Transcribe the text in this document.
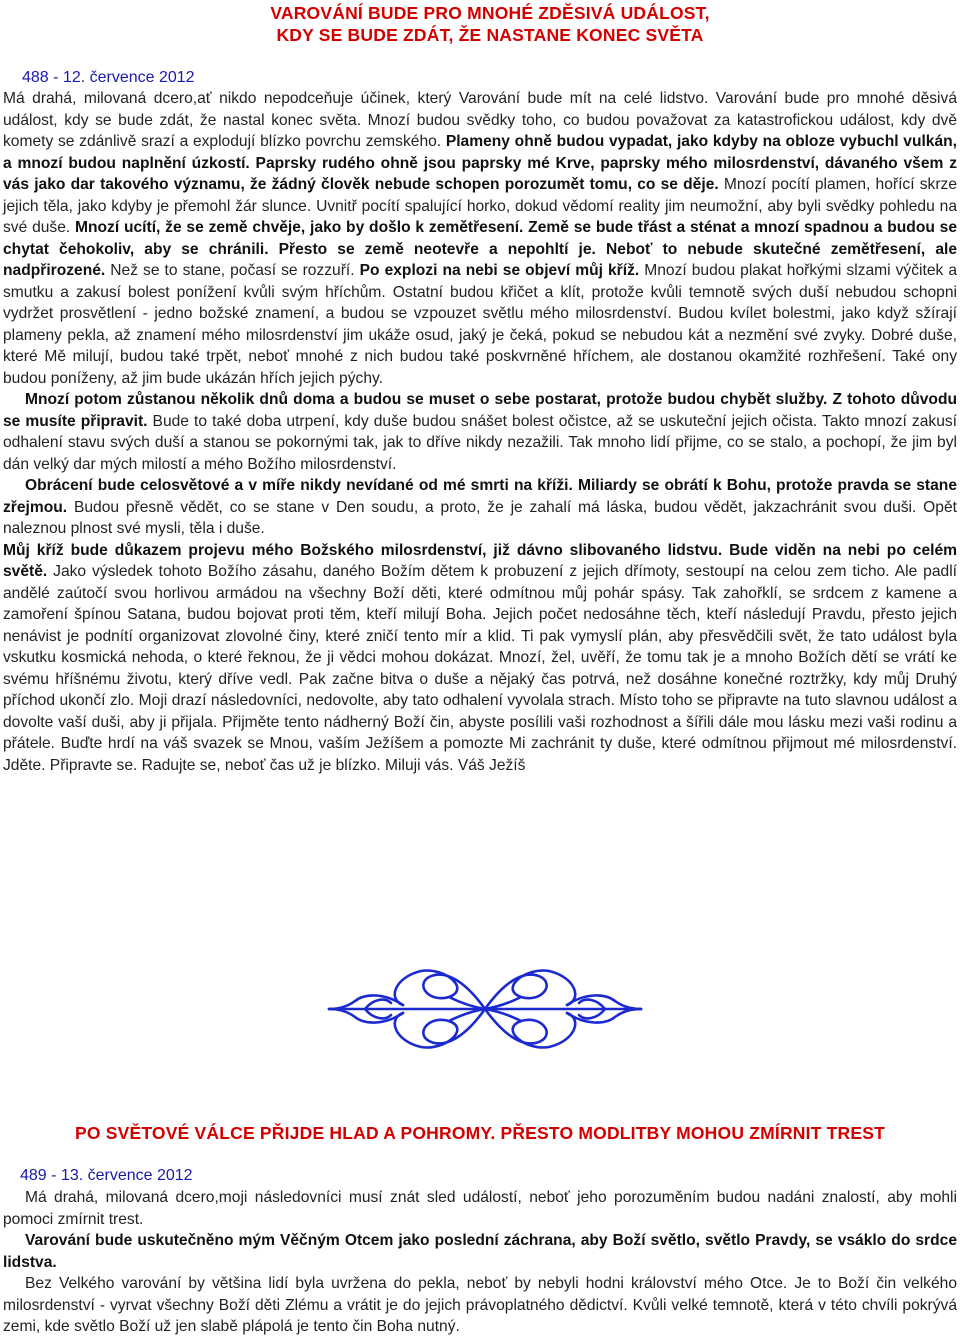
VAROVÁNÍ BUDE PRO MNOHÉ ZDĚSIVÁ UDÁLOST,
KDY SE BUDE ZDÁT, ŽE NASTANE KONEC SVĚTA
488 - 12. července 2012

Má drahá, milovaná dcero,ať nikdo nepodceňuje účinek, který Varování bude mít na celé lidstvo. Varování bude pro mnohé děsivá událost, kdy se bude zdát, že nastal konec světa. Mnozí budou svědky toho, co budou považovat za katastrofickou událost, kdy dvě komety se zdánlivě srazí a explodují blízko povrchu zemského. Plameny ohně budou vypadat, jako kdyby na obloze vybuchl vulkán, a mnozí budou naplnění úzkostí. Paprsky rudého ohně jsou paprsky mé Krve, paprsky mého milosrdenství, dávaného všem z vás jako dar takového významu, že žádný člověk nebude schopen porozumět tomu, co se děje. Mnozí pocítí plamen, hořící skrze jejich těla, jako kdyby je přemohl žár slunce. Uvnitř pocítí spalující horko, dokud vědomí reality jim neumožní, aby byli svědky pohledu na své duše. Mnozí ucítí, že se země chvěje, jako by došlo k zemětřesení. Země se bude třást a sténat a mnozí spadnou a budou se chytat čehokoliv, aby se chránili. Přesto se země neotevře a nepohltí je. Neboť to nebude skutečné zemětřesení, ale nadpřirozené. Než se to stane, počasí se rozzuří. Po explozi na nebi se objeví můj kříž. Mnozí budou plakat hořkými slzami výčitek a smutku a zakusí bolest ponížení kvůli svým hříchům. Ostatní budou křičet a klít, protože kvůli temnotě svých duší nebudou schopni vydržet prosvětlení - jedno božské znamení, a budou se vzpouzet světlu mého milosrdenství. Budou kvílet bolestmi, jako když sžírají plameny pekla, až znamení mého milosrdenství jim ukáže osud, jaký je čeká, pokud se nebudou kát a nezmění své zvyky. Dobré duše, které Mě milují, budou také trpět, neboť mnohé z nich budou také poskvrněné hříchem, ale dostanou okamžité rozhřešení. Také ony budou poníženy, až jim bude ukázán hřích jejich pýchy.

Mnozí potom zůstanou několik dnů doma a budou se muset o sebe postarat, protože budou chybět služby. Z tohoto důvodu se musíte připravit. Bude to také doba utrpení, kdy duše budou snášet bolest očistce, až se uskuteční jejich očista. Takto mnozí zakusí odhalení stavu svých duší a stanou se pokornými tak, jak to dříve nikdy nezažili. Tak mnoho lidí přijme, co se stalo, a pochopí, že jim byl dán velký dar mých milostí a mého Božího milosrdenství.

Obrácení bude celosvětové a v míře nikdy nevídané od mé smrti na kříži. Miliardy se obrátí k Bohu, protože pravda se stane zřejmou. Budou přesně vědět, co se stane v Den soudu, a proto, že je zahalí má láska, budou vědět, jakzachránit svou duši. Opět naleznou plnost své mysli, těla i duše.

Můj kříž bude důkazem projevu mého Božského milosrdenství, již dávno slibovaného lidstvu. Bude viděn na nebi po celém světě. Jako výsledek tohoto Božího zásahu, daného Božím dětem k probuzení z jejich dřímoty, sestoupí na celou zem ticho. Ale padlí andělé zaútočí svou horlivou armádou na všechny Boží děti, které odmítnou můj pohár spásy. Tak zahořklí, se srdcem z kamene a zamoření špínou Satana, budou bojovat proti těm, kteří milují Boha. Jejich počet nedosáhne těch, kteří následují Pravdu, přesto jejich nenávist je podnítí organizovat zlovolné činy, které zničí tento mír a klid. Ti pak vymyslí plán, aby přesvědčili svět, že tato událost byla vskutku kosmická nehoda, o které řeknou, že ji vědci mohou dokázat. Mnozí, žel, uvěří, že tomu tak je a mnoho Božích dětí se vrátí ke svému hříšnému životu, který dříve vedl. Pak začne bitva o duše a nějaký čas potrvá, než dosáhne konečné roztržky, kdy můj Druhý příchod ukončí zlo. Moji drazí následovníci, nedovolte, aby tato odhalení vyvolala strach. Místo toho se připravte na tuto slavnou událost a dovolte vaší duši, aby ji přijala. Přijměte tento nádherný Boží čin, abyste posílili vaši rozhodnost a šířili dále mou lásku mezi vaši rodinu a přátele. Buďte hrdí na váš svazek se Mnou, vaším Ježíšem a pomozte Mi zachránit ty duše, které odmítnou přijmout mé milosrdenství. Jděte. Připravte se. Radujte se, neboť čas už je blízko. Miluji vás. Váš Ježíš

PO SVĚTOVÉ VÁLCE PŘIJDE HLAD A POHROMY. PŘESTO MODLITBY MOHOU ZMÍRNIT TREST
489 - 13. července 2012

Má drahá, milovaná dcero,moji následovníci musí znát sled událostí, neboť jeho porozuměním budou nadáni znalostí, aby mohli pomoci zmírnit trest.

Varování bude uskutečněno mým Věčným Otcem jako poslední záchrana, aby Boží světlo, světlo Pravdy, se vsáklo do srdce lidstva.

Bez Velkého varování by většina lidí byla uvržena do pekla, neboť by nebyli hodni království mého Otce. Je to Boží čin velkého milosrdenství - vyrvat všechny Boží děti Zlému a vrátit je do jejich právoplatného dědictví. Kvůli velké temnotě, která v této chvíli pokrývá zemi, kde světlo Boží už jen slabě plápolá je tento čin Boha nutný.
